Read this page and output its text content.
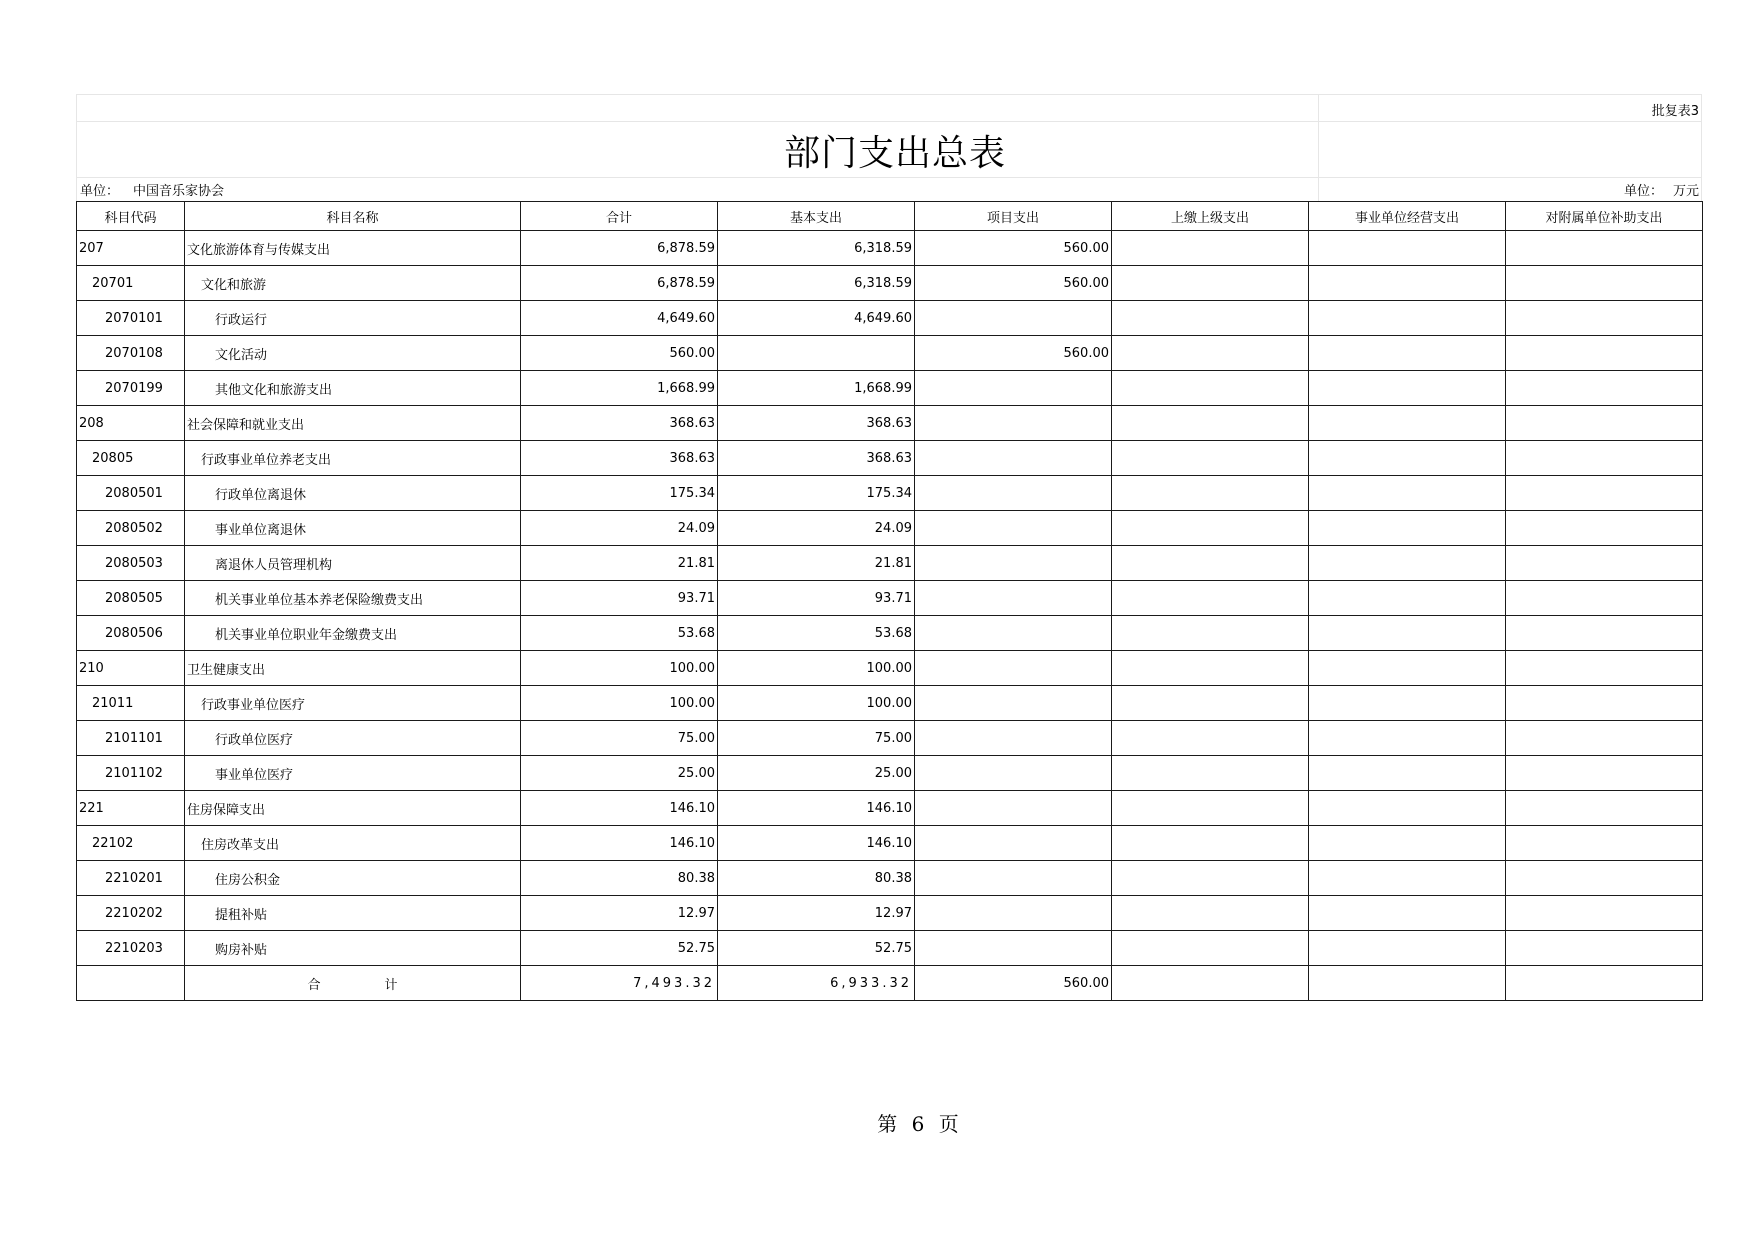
批复表3
部门支出总表
单位： 中国音乐家协会	单位： 万元
科目代码	科目名称	合计	基本支出	项目支出	上缴上级支出	事业单位经营支出	对附属单位补助支出
207	文化旅游体育与传媒支出	6,878.59	6,318.59	560.00			
20701	文化和旅游	6,878.59	6,318.59	560.00			
2070101	行政运行	4,649.60	4,649.60				
2070108	文化活动	560.00		560.00			
2070199	其他文化和旅游支出	1,668.99	1,668.99				
208	社会保障和就业支出	368.63	368.63				
20805	行政事业单位养老支出	368.63	368.63				
2080501	行政单位离退休	175.34	175.34				
2080502	事业单位离退休	24.09	24.09				
2080503	离退休人员管理机构	21.81	21.81				
2080505	机关事业单位基本养老保险缴费支出	93.71	93.71				
2080506	机关事业单位职业年金缴费支出	53.68	53.68				
210	卫生健康支出	100.00	100.00				
21011	行政事业单位医疗	100.00	100.00				
2101101	行政单位医疗	75.00	75.00				
2101102	事业单位医疗	25.00	25.00				
221	住房保障支出	146.10	146.10				
22102	住房改革支出	146.10	146.10				
2210201	住房公积金	80.38	80.38				
2210202	提租补贴	12.97	12.97				
2210203	购房补贴	52.75	52.75				
	合 计	7,493.32	6,933.32	560.00			
第 6 页
